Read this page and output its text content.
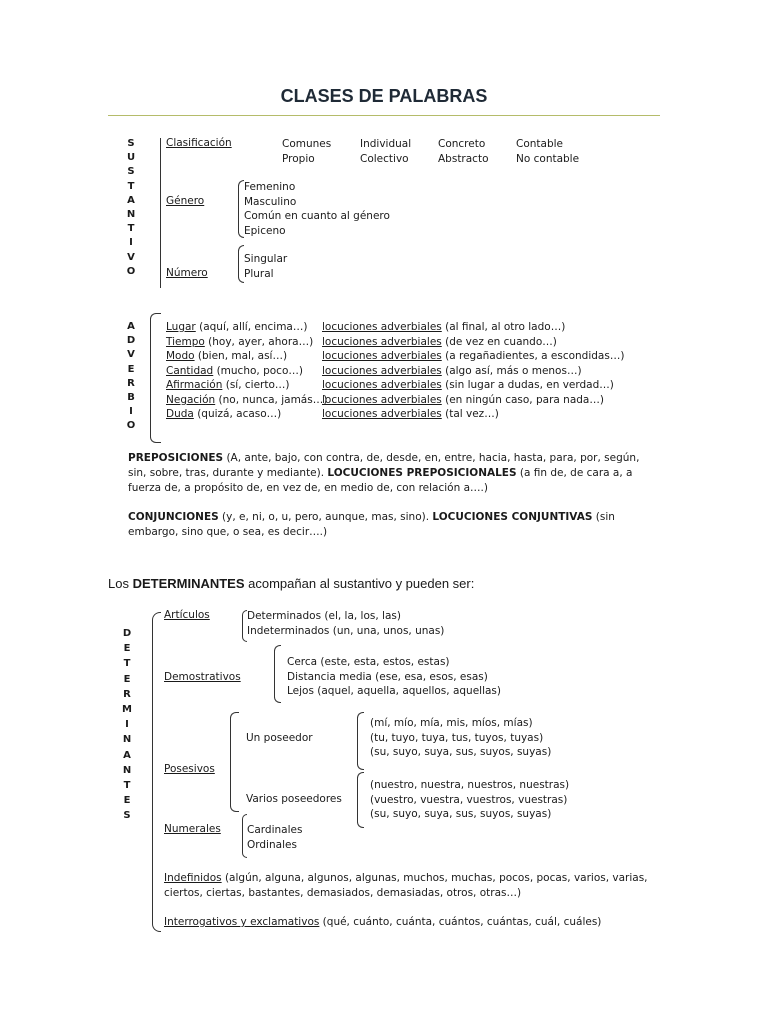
CLASES DE PALABRAS
S
U
S
T
A
N
T
I
V
O
Clasificación	Comunes
Propio
Individual
Colectivo
Concreto
Abstracto
Contable
No contable
Género
Femenino
Masculino
Común en cuanto al género
Epiceno
Número
Singular
Plural
A
D
V
E
R
B
I
O
Lugar (aquí, allí, encima…)
Tiempo (hoy, ayer, ahora…)
Modo (bien, mal, así…)
Cantidad (mucho, poco…)
Afirmación (sí, cierto…)
Negación (no, nunca, jamás…)
Duda (quizá, acaso…)
locuciones adverbiales (al final, al otro lado…)
locuciones adverbiales (de vez en cuando…)
locuciones adverbiales (a regañadientes, a escondidas…)
locuciones adverbiales (algo así, más o menos…)
locuciones adverbiales (sin lugar a dudas, en verdad…)
locuciones adverbiales (en ningún caso, para nada…)
locuciones adverbiales (tal vez…)
PREPOSICIONES (A, ante, bajo, con contra, de, desde, en, entre, hacia, hasta, para, por, según, sin, sobre, tras, durante y mediante). LOCUCIONES PREPOSICIONALES (a fin de, de cara a, a fuerza de, a propósito de, en vez de, en medio de, con relación a….)
CONJUNCIONES (y, e, ni, o, u, pero, aunque, mas, sino). LOCUCIONES CONJUNTIVAS (sin embargo, sino que, o sea, es decir….)
Los DETERMINANTES acompañan al sustantivo y pueden ser:
D
E
T
E
R
M
I
N
A
N
T
E
S
Artículos	Determinados (el, la, los, las)
Indeterminados (un, una, unos, unas)
Demostrativos
Cerca (este, esta, estos, estas)
Distancia media (ese, esa, esos, esas)
Lejos (aquel, aquella, aquellos, aquellas)
Posesivos
Un poseedor
(mí, mío, mía, mis, míos, mías)
(tu, tuyo, tuya, tus, tuyos, tuyas)
(su, suyo, suya, sus, suyos, suyas)
Varios poseedores
(nuestro, nuestra, nuestros, nuestras)
(vuestro, vuestra, vuestros, vuestras)
(su, suyo, suya, sus, suyos, suyas)
Numerales Cardinales
Ordinales
Indefinidos (algún, alguna, algunos, algunas, muchos, muchas, pocos, pocas, varios, varias, ciertos, ciertas, bastantes, demasiados, demasiadas, otros, otras…)
Interrogativos y exclamativos (qué, cuánto, cuánta, cuántos, cuántas, cuál, cuáles)
